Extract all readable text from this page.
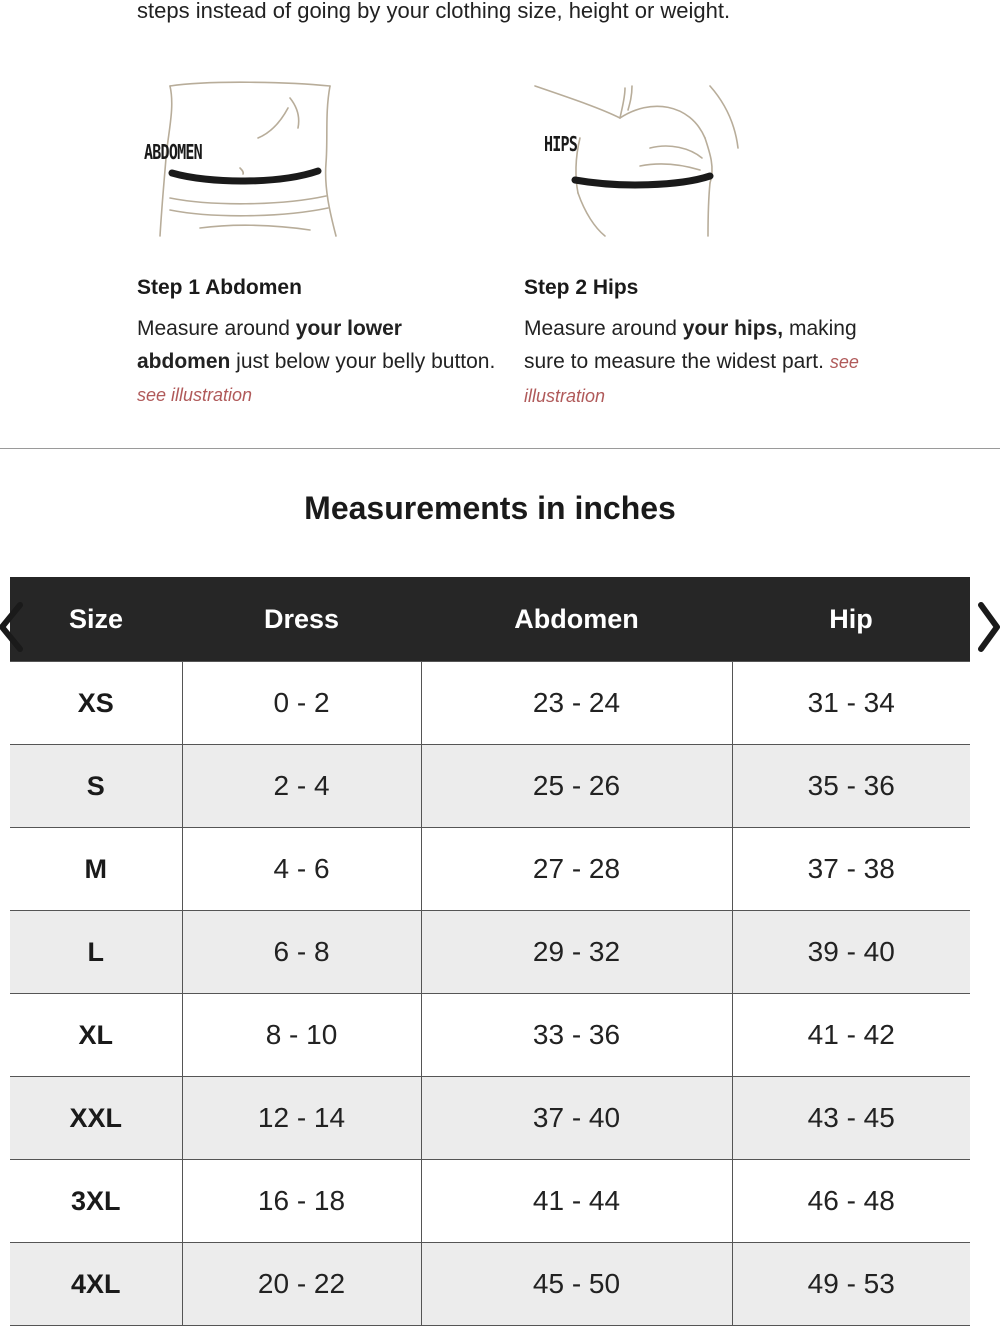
steps instead of going by your clothing size, height or weight.
ABDOMEN	HIPS
Step 1 Abdomen
Measure around your lower abdomen just below your belly button. see illustration
Step 2 Hips
Measure around your hips, making sure to measure the widest part. see illustration
Measurements in inches
Size	Dress	Abdomen	Hip
XS	0 - 2	23 - 24	31 - 34
S	2 - 4	25 - 26	35 - 36
M	4 - 6	27 - 28	37 - 38
L	6 - 8	29 - 32	39 - 40
XL	8 - 10	33 - 36	41 - 42
XXL	12 - 14	37 - 40	43 - 45
3XL	16 - 18	41 - 44	46 - 48
4XL	20 - 22	45 - 50	49 - 53
